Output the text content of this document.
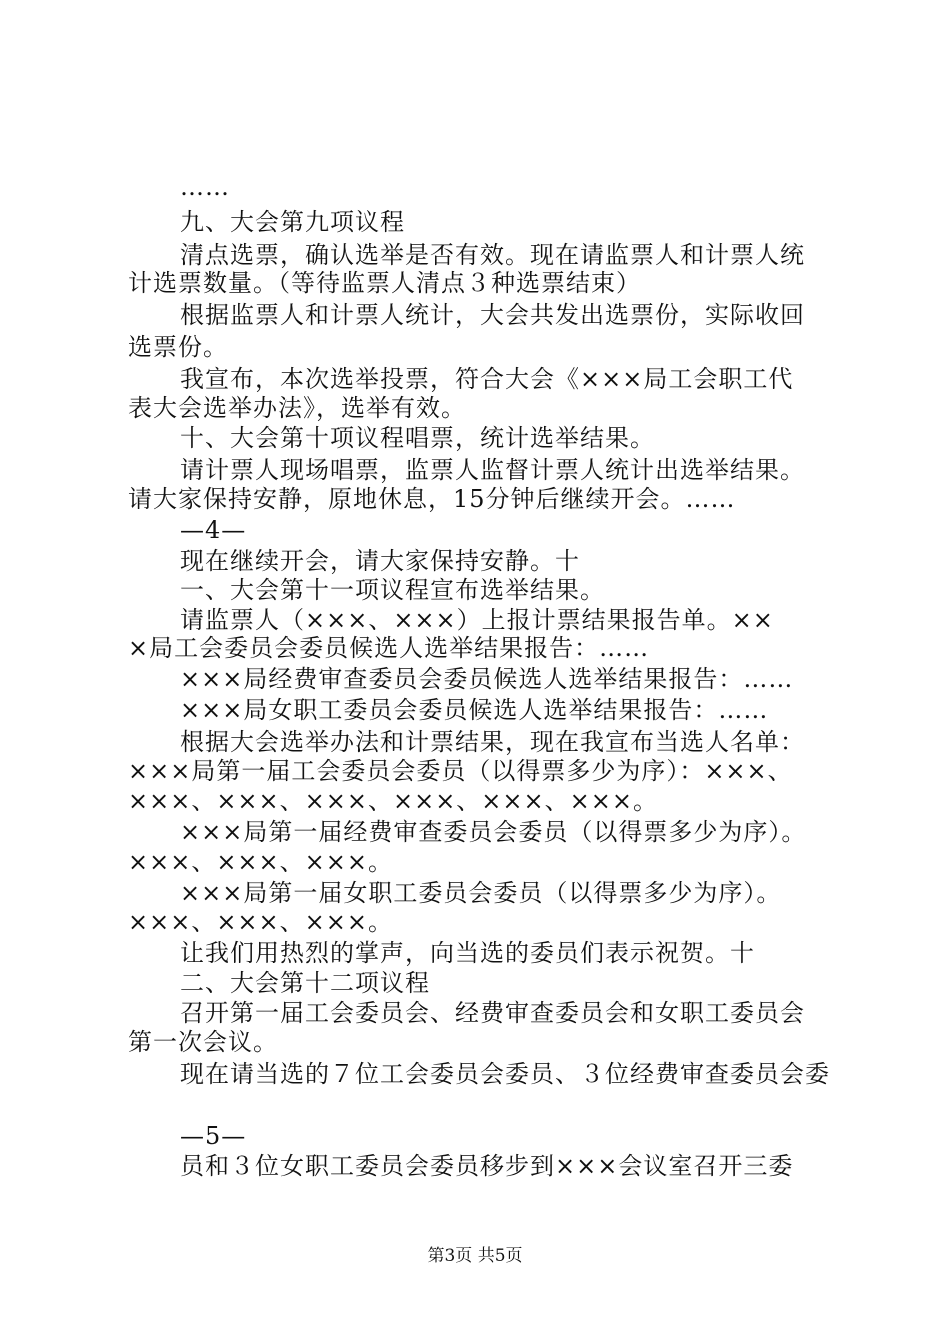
……
九、大会第九项议程
清点选票，确认选举是否有效。现在请监票人和计票人统
计选票数量。（等待监票人清点３种选票结束）
根据监票人和计票人统计，大会共发出选票份，实际收回
选票份。
我宣布，本次选举投票，符合大会《×××局工会职工代
表大会选举办法》，选举有效。
十、大会第十项议程唱票，统计选举结果。
请计票人现场唱票，监票人监督计票人统计出选举结果。
请大家保持安静，原地休息，15分钟后继续开会。……
—4—
现在继续开会，请大家保持安静。十
一、大会第十一项议程宣布选举结果。
请监票人（×××、×××）上报计票结果报告单。××
×局工会委员会委员候选人选举结果报告：……
×××局经费审查委员会委员候选人选举结果报告：……
×××局女职工委员会委员候选人选举结果报告：……
根据大会选举办法和计票结果，现在我宣布当选人名单：
×××局第一届工会委员会委员（以得票多少为序）：×××、
×××、×××、×××、×××、×××、×××。
×××局第一届经费审查委员会委员（以得票多少为序）。
×××、×××、×××。
×××局第一届女职工委员会委员（以得票多少为序）。
×××、×××、×××。
让我们用热烈的掌声，向当选的委员们表示祝贺。十
二、大会第十二项议程
召开第一届工会委员会、经费审查委员会和女职工委员会
第一次会议。
现在请当选的７位工会委员会委员、３位经费审查委员会委
—5—
员和３位女职工委员会委员移步到×××会议室召开三委
第3页 共5页
